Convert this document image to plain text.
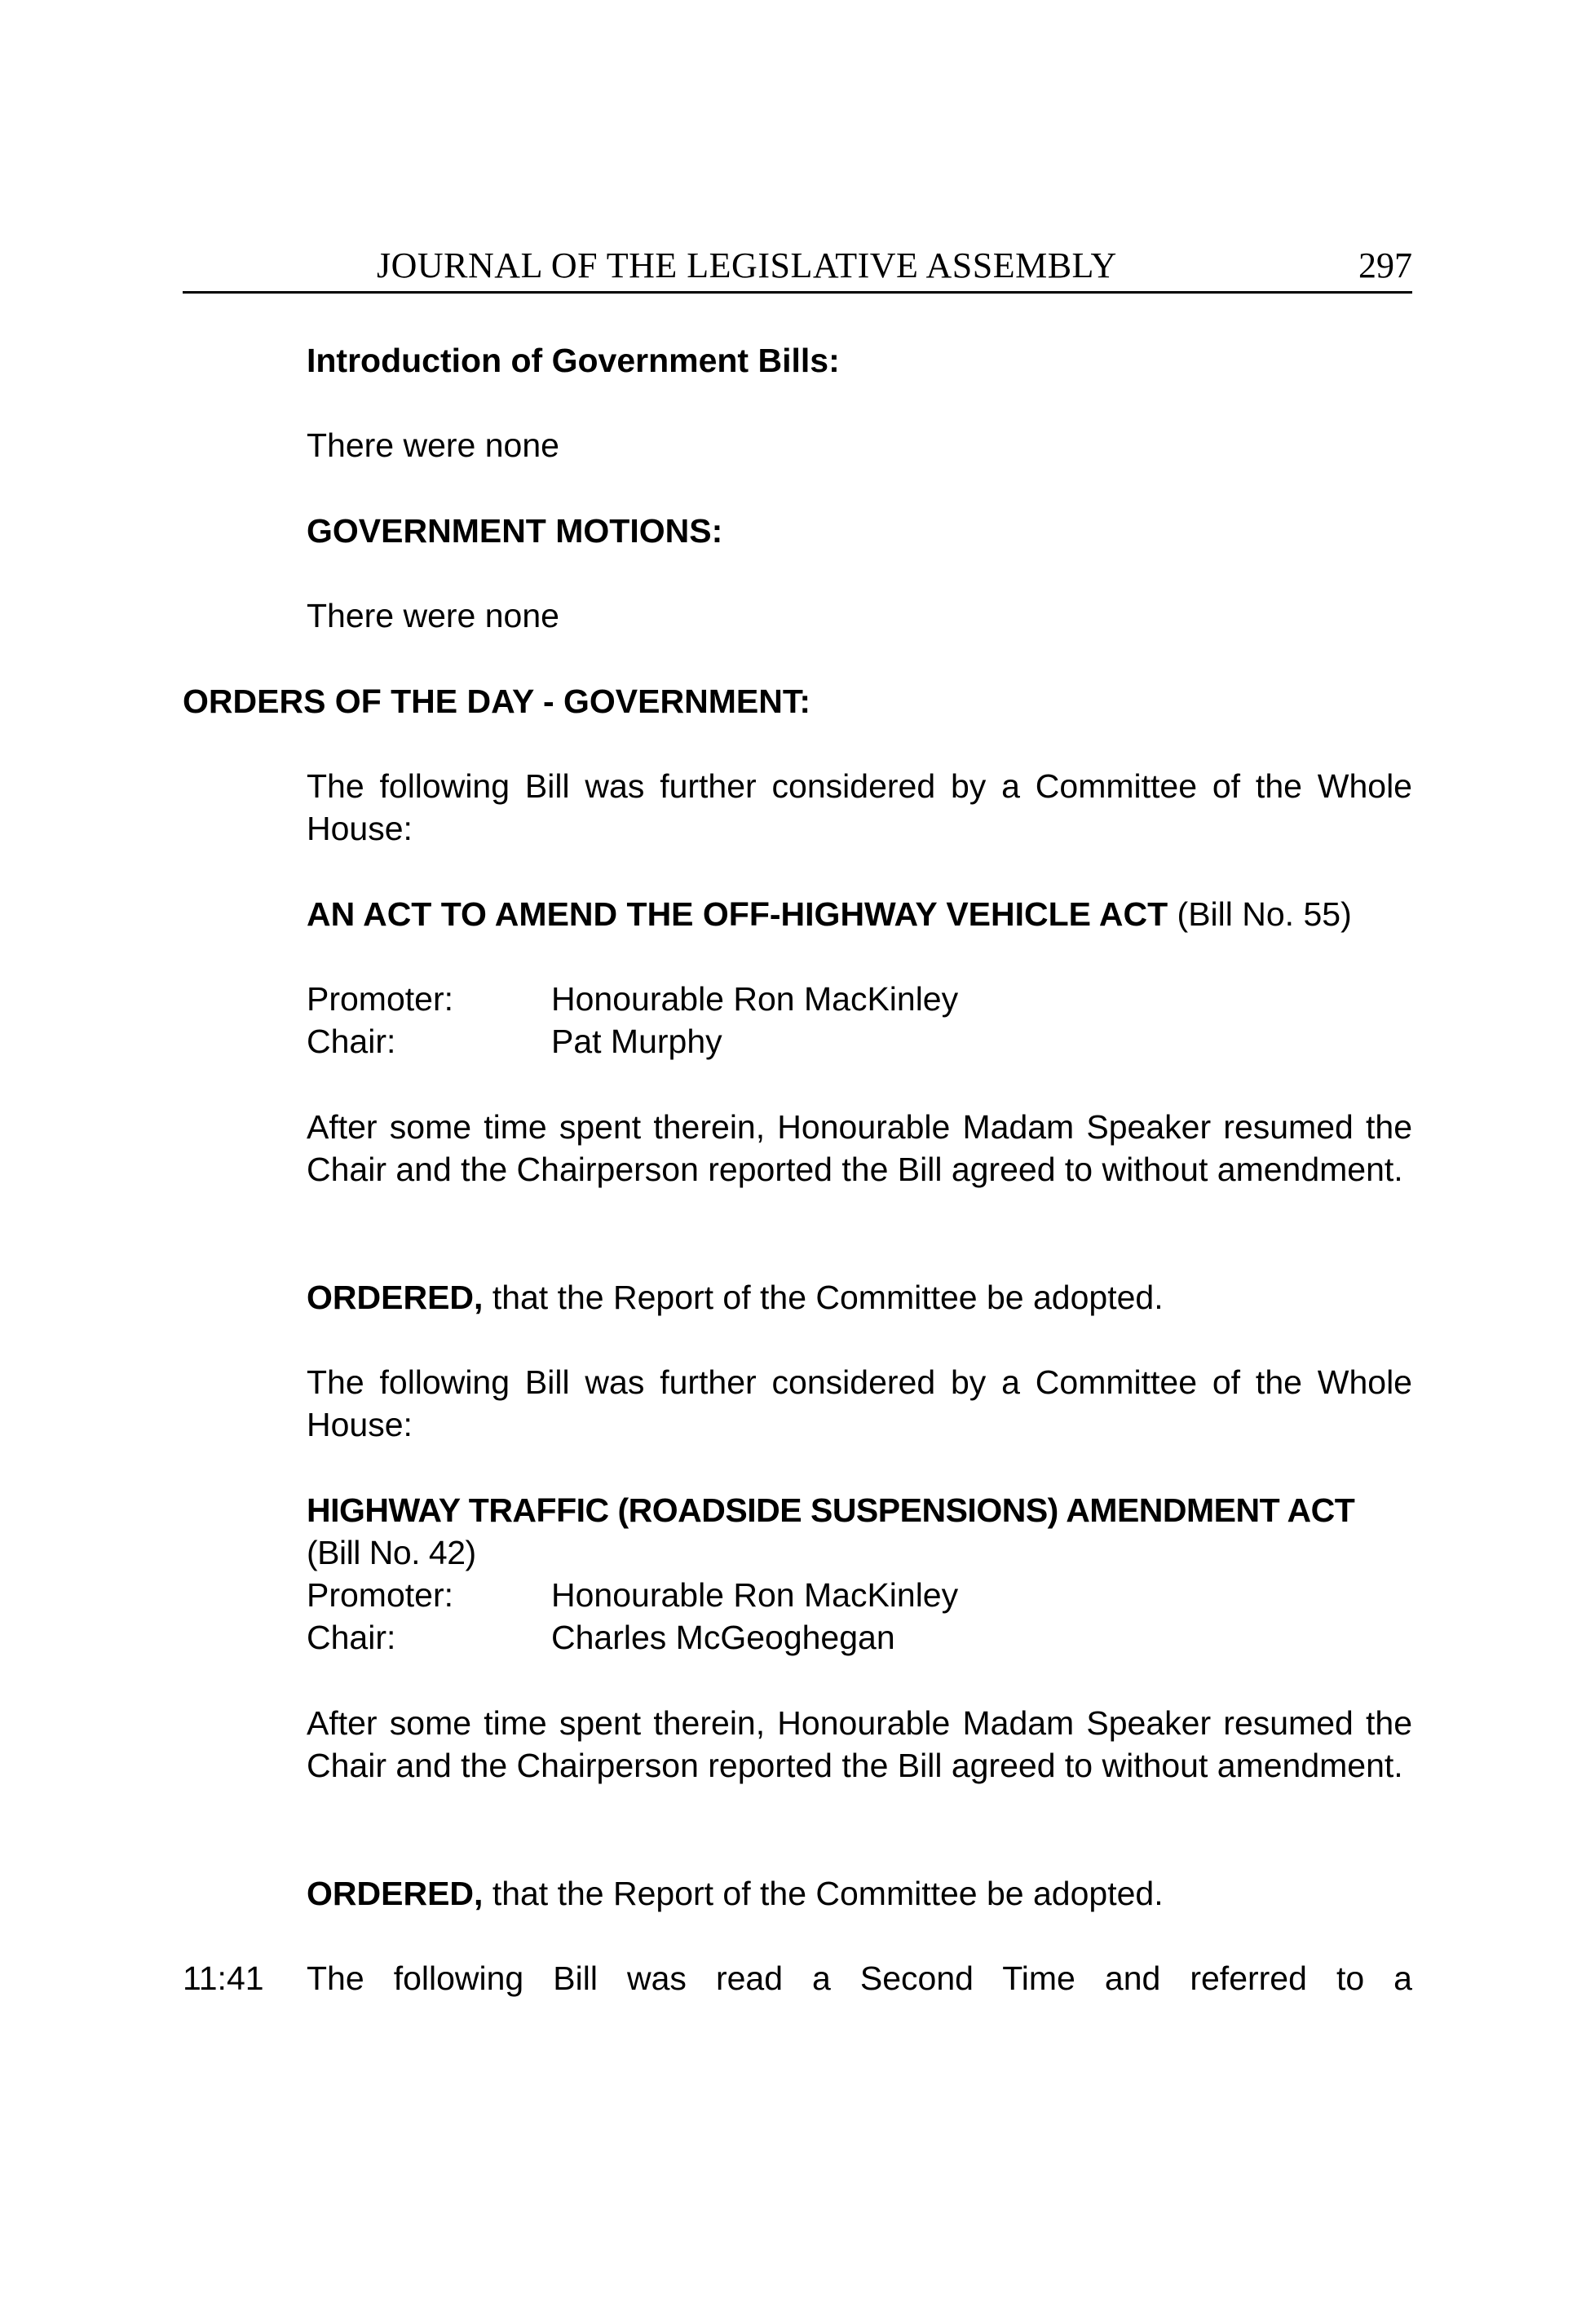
JOURNAL OF THE LEGISLATIVE ASSEMBLY	297
Introduction of Government Bills:
There were none
GOVERNMENT MOTIONS:
There were none
ORDERS OF THE DAY - GOVERNMENT:
The following Bill was further considered by a Committee of the Whole House:
AN ACT TO AMEND THE OFF-HIGHWAY VEHICLE ACT (Bill No. 55)
Promoter:	Honourable Ron MacKinley
Chair:	Pat Murphy
After some time spent therein, Honourable Madam Speaker resumed the Chair and the Chairperson reported the Bill agreed to without amendment.
ORDERED, that the Report of the Committee be adopted.
The following Bill was further considered by a Committee of the Whole House:
HIGHWAY TRAFFIC (ROADSIDE SUSPENSIONS) AMENDMENT ACT (Bill No. 42)
Promoter:	Honourable Ron MacKinley
Chair:	Charles McGeoghegan
After some time spent therein, Honourable Madam Speaker resumed the Chair and the Chairperson reported the Bill agreed to without amendment.
ORDERED, that the Report of the Committee be adopted.
11:41 The following Bill was read a Second Time and referred to a
